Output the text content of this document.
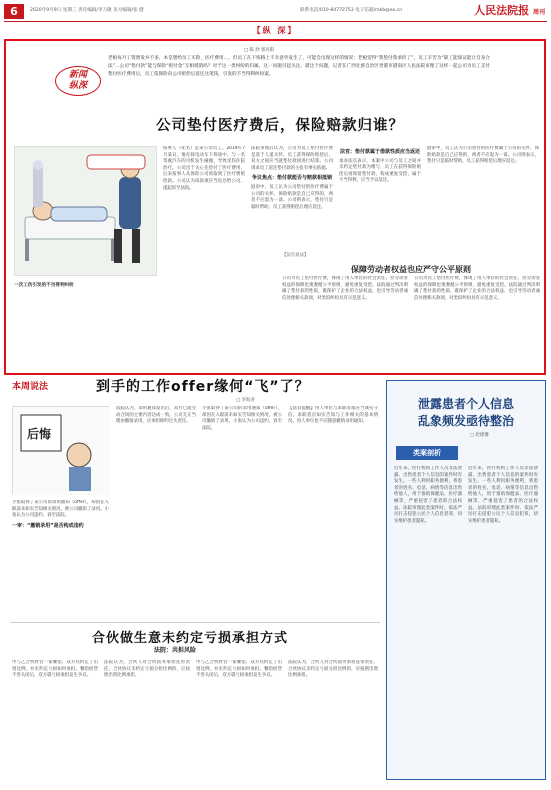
6	2020年9月9日 星期三 责任编辑/李刀歌 见习编辑/张 健	联系电话/010-84772753 电子信箱/mkb@ex.cn	人民法院报 周刊
【纵 深】
新闻
纵深
□ 陈 欣 郭丹阳
老板每月工资照发并不多，本是想给员工买险，医疗费用…，但员工在下班路上不幸意外发生了，可能会出现这样的情况：老板觉得“我垫付我承担了”，员工辛苦为“职工能保证能让自身合法”…公司“垫付款”能与保险“赔付金”互相抵销吗？对于这一类纠纷的归属，这一问题引起关注。就这个问题，记者在广西壮族自治区贵港市港南区人民法院审理了这样一起公司为员工支付垫付医疗费用后，员工依保险向公司赔偿后返还这笔钱，引发的不当得利纠纷案。
公司垫付医疗费后，保险赔款归谁？
一次工伤引发的不当得利纠纷

按事人（化名）是某公司员工。2019年7月某日，他在骑电动车下班途中，与一名驾驶汽车的司机发生碰撞，导致受伤住院治疗。公司出于关心先垫付了医疗费用，后来按事人从保险公司领取到了医疗费赔偿款。公司认为该款项应当返还给公司，遂起诉至法院。

法院审理后认为，公司为员工垫付医疗费是基于人道关怀，员工获得保险赔偿后，双方之间应当就垫付款项进行结算。公司请求员工返还垫付款的主张有事实依据。

争议焦点：垫付款能否与赔款相抵销

庭审中，员工认为公司垫付的医疗费属于公司的关怀，保险赔款是自己应得的，两者不应混为一谈。公司则表示，垫付只是临时帮助，员工获得赔偿后理应返还。

法官：垫付款属于借款性质应当返还

承办法官表示，本案中公司与员工之间并未约定垫付款为赠与，员工在获得保险赔偿后再保留垫付款，构成重复受偿，属于不当得利，应当予以返还。

庭审中，员工认为公司垫付的医疗费属于公司的关怀，保险赔款是自己应得的，两者不应混为一谈。公司则表示，垫付只是临时帮助，员工获得赔偿后理应返还。

【法官说法】
保障劳动者权益也应严守公平原则

公司为员工垫付医疗费，体现了用人单位的社会责任。但劳动者权益的保障也须遵循公平原则，避免重复受偿。法院通过判决明确了垫付款的性质，既保护了企业的合法权益，也引导劳动者诚信处理相关款项，对类似纠纷具有示范意义。

公司为员工垫付医疗费，体现了用人单位的社会责任。但劳动者权益的保障也须遵循公平原则，避免重复受偿。法院通过判决明确了垫付款的性质，既保护了企业的合法权益，也引导劳动者诚信处理相关款项，对类似纠纷具有示范意义。

本周说法	到手的工作offer缘何“飞”了？
□ 李海涛
后悔

小张取得了某公司的录用通知（offer），却因在入职前未如实告知相关情况，被公司撤销了录用。小张认为公司违约，诉至法院。

一审：“撤销录用”是否构成违约

法院认为，录用通知发出后，双方已就劳动合同的主要内容达成一致。公司无正当理由撤销录用，应承担缔约过失责任。

小张取得了某公司的录用通知（offer），却因在入职前未如实告知相关情况，被公司撤销了录用。小张认为公司违约，诉至法院。

【法官提醒】用人单位与求职者都应当诚实守信，求职者应如实告知与工作相关的基本情况，用人单位也不应随意撤销录用通知。

泄露患者个人信息
乱象频发亟待整治
□ 赵德馨
类案剖析

近年来，医疗机构工作人员非法泄露、出售患者个人信息的案件时有发生。一些人利用职务便利，将患者的姓名、电话、病情等信息出售给他人，用于推销保健品、医疗器械等，严重侵害了患者的合法权益。法院审理此类案件时，依法严厉打击侵犯公民个人信息犯罪，切实维护患者隐私。

近年来，医疗机构工作人员非法泄露、出售患者个人信息的案件时有发生。一些人利用职务便利，将患者的姓名、电话、病情等信息出售给他人，用于推销保健品、医疗器械等，严重侵害了患者的合法权益。法院审理此类案件时，依法严厉打击侵犯公民个人信息犯罪，切实维护患者隐私。

合伙做生意未约定亏损承担方式
法院：共担风险

甲与乙合伙经营一家餐馆，双方仅约定了出资比例，并未约定亏损如何承担。餐馆经营不善关闭后，双方就亏损承担发生争议。

法院认为，合伙人对合伙债务承担连带责任，合伙协议未约定亏损分担比例的，应按照出资比例承担。

甲与乙合伙经营一家餐馆，双方仅约定了出资比例，并未约定亏损如何承担。餐馆经营不善关闭后，双方就亏损承担发生争议。

法院认为，合伙人对合伙债务承担连带责任，合伙协议未约定亏损分担比例的，应按照出资比例承担。
